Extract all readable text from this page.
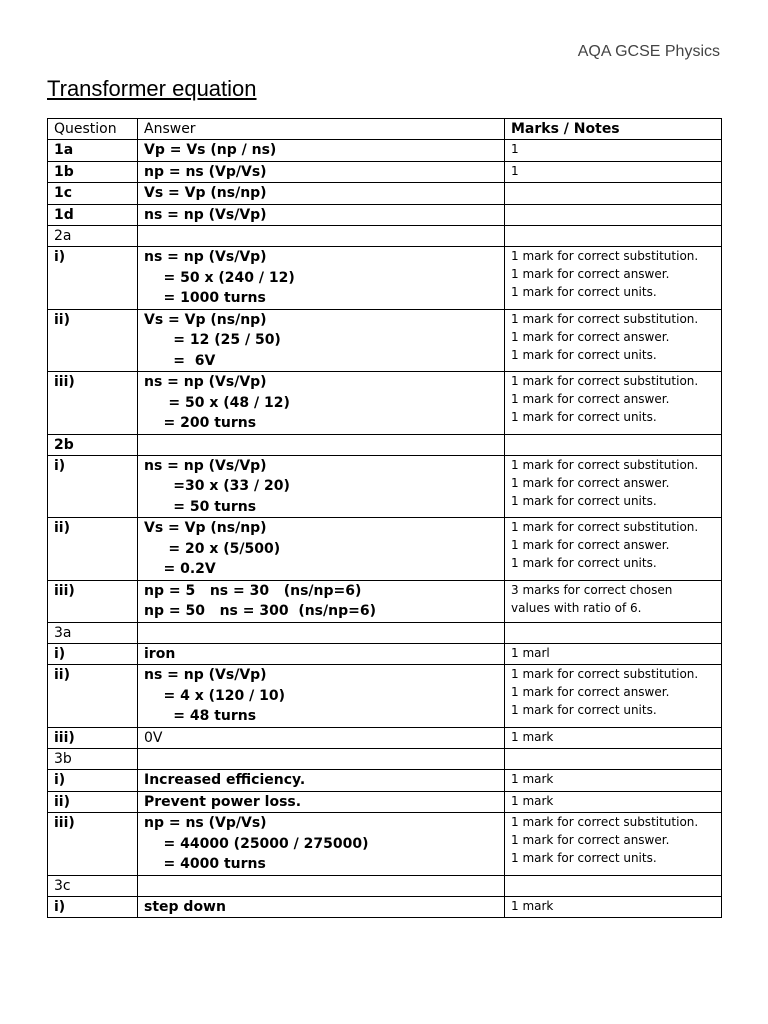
AQA GCSE Physics
Transformer equation
Question	Answer	Marks / Notes
1a	Vp = Vs (np / ns)	1

1b	np = ns (Vp/Vs)	1

1c	Vs = Vp (ns/np)	

1d	ns = np (Vs/Vp)	

2a		
i)	ns = np (Vs/Vp)
= 50 x (240 / 12)
= 1000 turns	1 mark for correct substitution.
1 mark for correct answer.
1 mark for correct units.

ii)	Vs = Vp (ns/np)
= 12 (25 / 50)
=  6V	1 mark for correct substitution.
1 mark for correct answer.
1 mark for correct units.

iii)	ns = np (Vs/Vp)
= 50 x (48 / 12)
= 200 turns	1 mark for correct substitution.
1 mark for correct answer.
1 mark for correct units.

2b		
i)	ns = np (Vs/Vp)
=30 x (33 / 20)
= 50 turns	1 mark for correct substitution.
1 mark for correct answer.
1 mark for correct units.

ii)	Vs = Vp (ns/np)
= 20 x (5/500)
= 0.2V	1 mark for correct substitution.
1 mark for correct answer.
1 mark for correct units.

iii)	np = 5   ns = 30   (ns/np=6)
np = 50   ns = 300  (ns/np=6)	3 marks for correct chosen
values with ratio of 6.

3a		
i)	iron	1 marl

ii)	ns = np (Vs/Vp)
= 4 x (120 / 10)
= 48 turns	1 mark for correct substitution.
1 mark for correct answer.
1 mark for correct units.

iii)	0V	1 mark

3b		
i)	Increased efficiency.	1 mark

ii)	Prevent power loss.	1 mark

iii)	np = ns (Vp/Vs)
= 44000 (25000 / 275000)
= 4000 turns	1 mark for correct substitution.
1 mark for correct answer.
1 mark for correct units.

3c		
i)	step down	1 mark
